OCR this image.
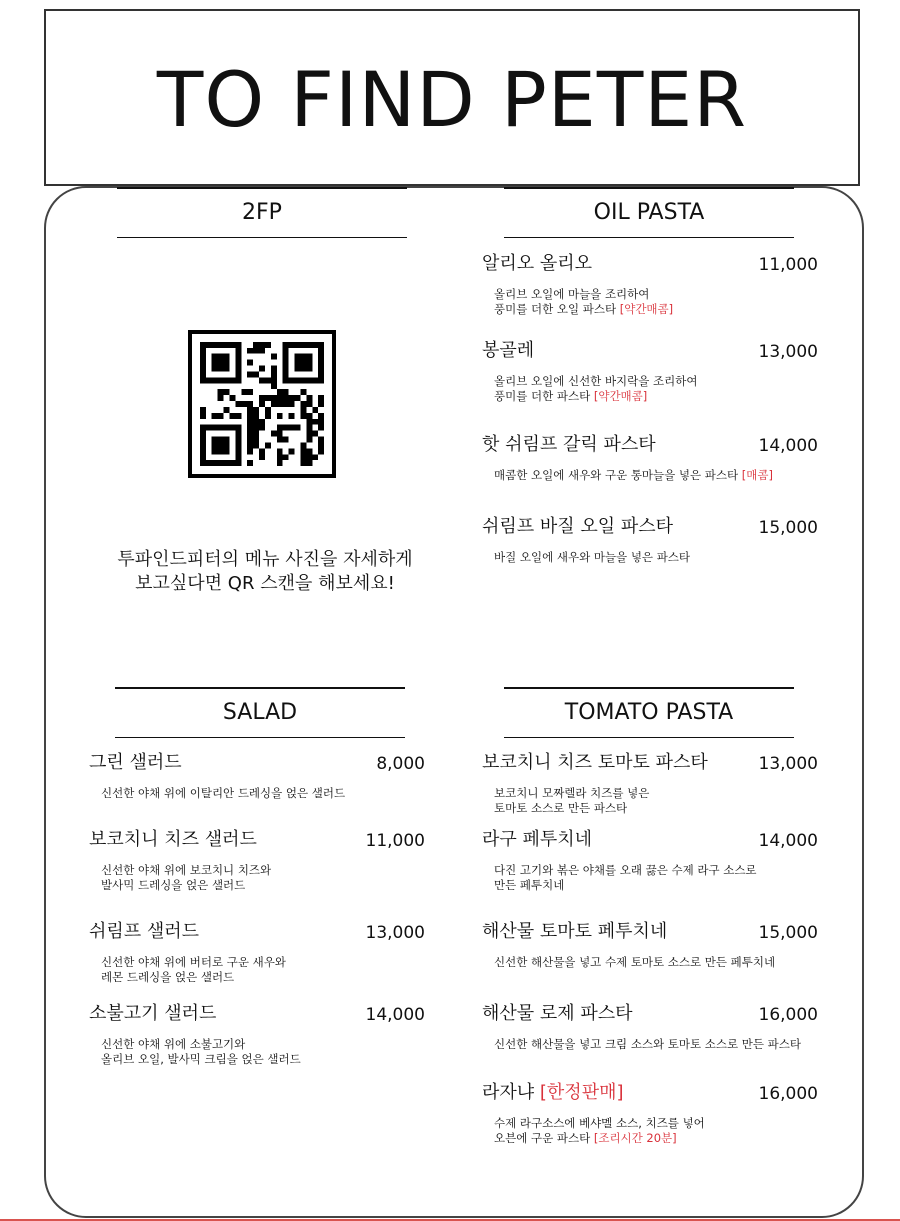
TO FIND PETER
2FP
투파인드피터의 메뉴 사진을 자세하게
보고싶다면 QR 스캔을 해보세요!
OIL PASTA
알리오 올리오	11,000
올리브 오일에 마늘을 조리하여
풍미를 더한 오일 파스타 [약간매콤]
봉골레	13,000
올리브 오일에 신선한 바지락을 조리하여
풍미를 더한 파스타 [약간매콤]
핫 쉬림프 갈릭 파스타	14,000
매콤한 오일에 새우와 구운 통마늘을 넣은 파스타 [매콤]
쉬림프 바질 오일 파스타	15,000
바질 오일에 새우와 마늘을 넣은 파스타
SALAD
그린 샐러드	8,000
신선한 야채 위에 이탈리안 드레싱을 얹은 샐러드
보코치니 치즈 샐러드	11,000
신선한 야채 위에 보코치니 치즈와
발사믹 드레싱을 얹은 샐러드
쉬림프 샐러드	13,000
신선한 야채 위에 버터로 구운 새우와
레몬 드레싱을 얹은 샐러드
소불고기 샐러드	14,000
신선한 야채 위에 소불고기와
올리브 오일, 발사믹 크림을 얹은 샐러드
TOMATO PASTA
보코치니 치즈 토마토 파스타	13,000
보코치니 모짜렐라 치즈를 넣은
토마토 소스로 만든 파스타
라구 페투치네	14,000
다진 고기와 볶은 야채를 오래 끓은 수제 라구 소스로
만든 페투치네
해산물 토마토 페투치네	15,000
신선한 해산물을 넣고 수제 토마토 소스로 만든 페투치네
해산물 로제 파스타	16,000
신선한 해산물을 넣고 크림 소스와 토마토 소스로 만든 파스타
라자냐 [한정판매]	16,000
수제 라구소스에 베샤멜 소스, 치즈를 넣어
오븐에 구운 파스타 [조리시간 20분]
